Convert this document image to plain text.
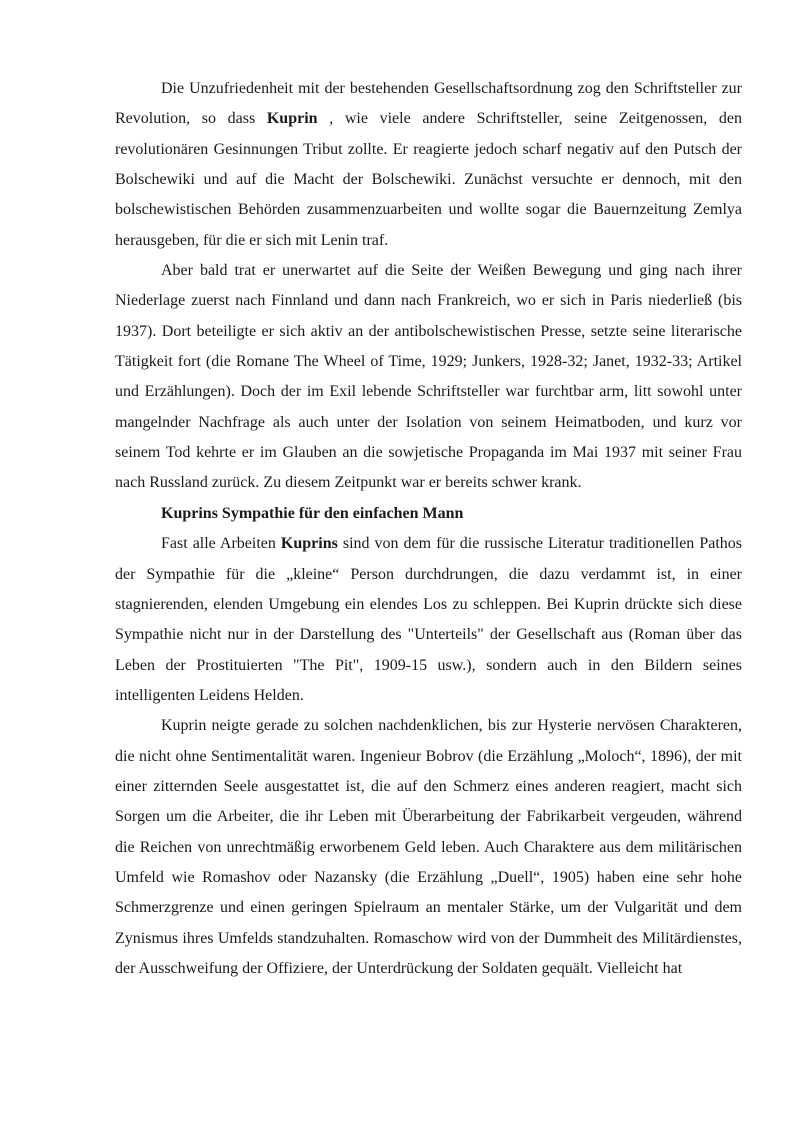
Die Unzufriedenheit mit der bestehenden Gesellschaftsordnung zog den Schriftsteller zur Revolution, so dass Kuprin , wie viele andere Schriftsteller, seine Zeitgenossen, den revolutionären Gesinnungen Tribut zollte. Er reagierte jedoch scharf negativ auf den Putsch der Bolschewiki und auf die Macht der Bolschewiki. Zunächst versuchte er dennoch, mit den bolschewistischen Behörden zusammenzuarbeiten und wollte sogar die Bauernzeitung Zemlya herausgeben, für die er sich mit Lenin traf.

Aber bald trat er unerwartet auf die Seite der Weißen Bewegung und ging nach ihrer Niederlage zuerst nach Finnland und dann nach Frankreich, wo er sich in Paris niederließ (bis 1937). Dort beteiligte er sich aktiv an der antibolschewistischen Presse, setzte seine literarische Tätigkeit fort (die Romane The Wheel of Time, 1929; Junkers, 1928-32; Janet, 1932-33; Artikel und Erzählungen). Doch der im Exil lebende Schriftsteller war furchtbar arm, litt sowohl unter mangelnder Nachfrage als auch unter der Isolation von seinem Heimatboden, und kurz vor seinem Tod kehrte er im Glauben an die sowjetische Propaganda im Mai 1937 mit seiner Frau nach Russland zurück. Zu diesem Zeitpunkt war er bereits schwer krank.

Kuprins Sympathie für den einfachen Mann

Fast alle Arbeiten Kuprins sind von dem für die russische Literatur traditionellen Pathos der Sympathie für die „kleine“ Person durchdrungen, die dazu verdammt ist, in einer stagnierenden, elenden Umgebung ein elendes Los zu schleppen. Bei Kuprin drückte sich diese Sympathie nicht nur in der Darstellung des "Unterteils" der Gesellschaft aus (Roman über das Leben der Prostituierten "The Pit", 1909-15 usw.), sondern auch in den Bildern seines intelligenten Leidens Helden.

Kuprin neigte gerade zu solchen nachdenklichen, bis zur Hysterie nervösen Charakteren, die nicht ohne Sentimentalität waren. Ingenieur Bobrov (die Erzählung „Moloch“, 1896), der mit einer zitternden Seele ausgestattet ist, die auf den Schmerz eines anderen reagiert, macht sich Sorgen um die Arbeiter, die ihr Leben mit Überarbeitung der Fabrikarbeit vergeuden, während die Reichen von unrechtmäßig erworbenem Geld leben. Auch Charaktere aus dem militärischen Umfeld wie Romashov oder Nazansky (die Erzählung „Duell“, 1905) haben eine sehr hohe Schmerzgrenze und einen geringen Spielraum an mentaler Stärke, um der Vulgarität und dem Zynismus ihres Umfelds standzuhalten. Romaschow wird von der Dummheit des Militärdienstes, der Ausschweifung der Offiziere, der Unterdrückung der Soldaten gequält. Vielleicht hat
